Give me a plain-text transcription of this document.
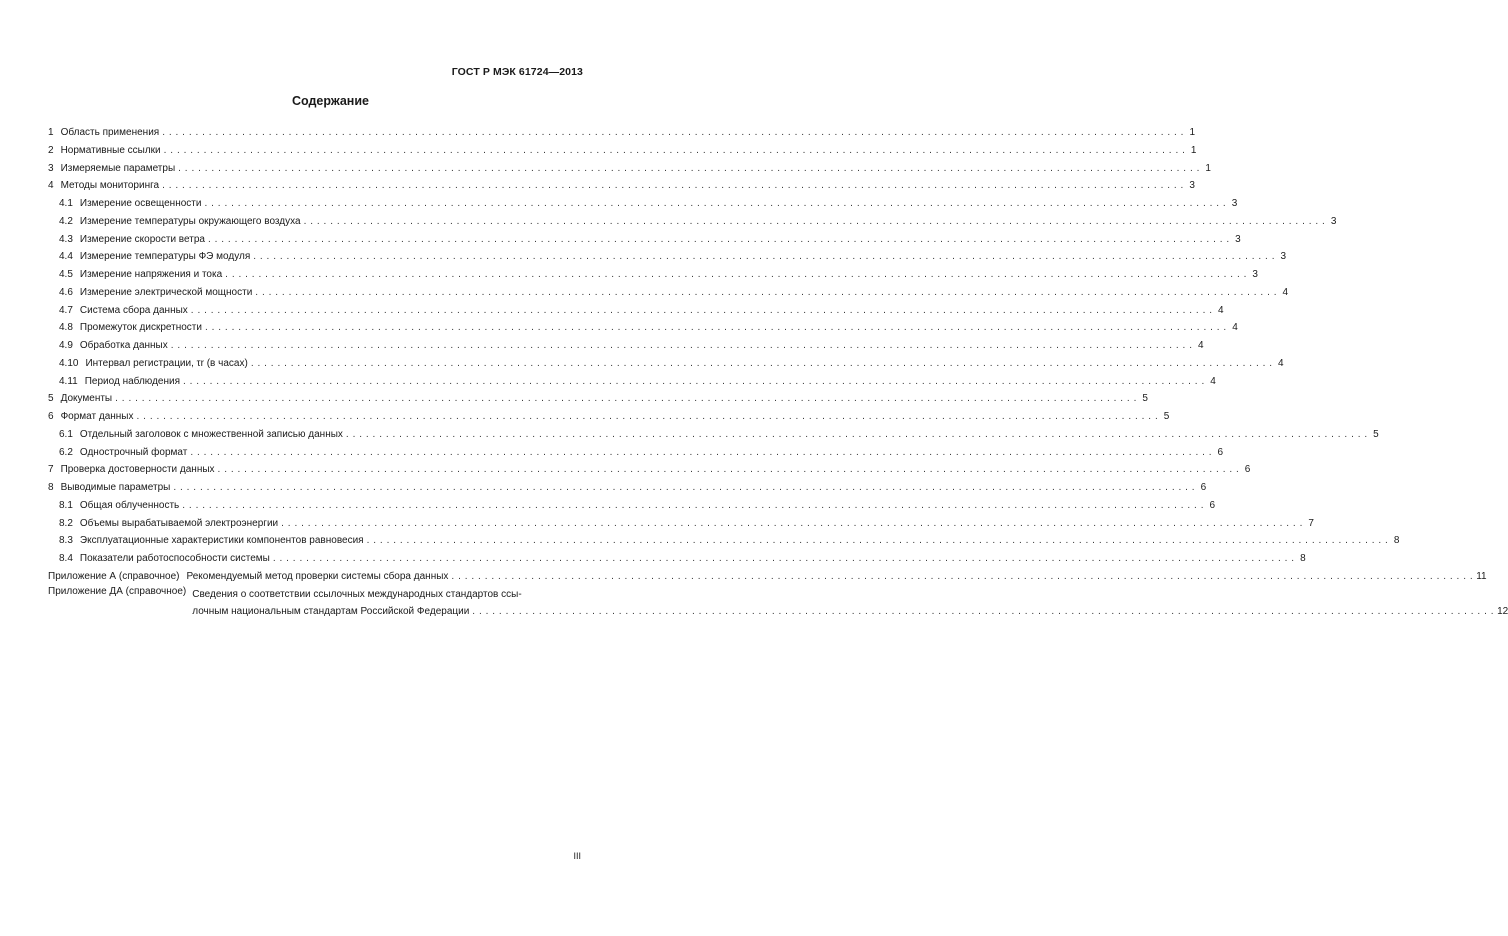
ГОСТ Р МЭК 61724—2013
Содержание
1 Область применения . . .	1
2 Нормативные ссылки . . .	1
3 Измеряемые параметры . . .	1
4 Методы мониторинга . . .	3
4.1 Измерение освещенности . . .	3
4.2 Измерение температуры окружающего воздуха . . .	3
4.3 Измерение скорости ветра . . .	3
4.4 Измерение температуры ФЭ модуля . . .	3
4.5 Измерение напряжения и тока . . .	3
4.6 Измерение электрической мощности . . .	4
4.7 Система сбора данных . . .	4
4.8 Промежуток дискретности . . .	4
4.9 Обработка данных . . .	4
4.10 Интервал регистрации, τr (в часах) . . .	4
4.11 Период наблюдения . . .	4
5 Документы . . .	5
6 Формат данных . . .	5
6.1 Отдельный заголовок с множественной записью данных . . .	5
6.2 Однострочный формат . . .	6
7 Проверка достоверности данных . . .	6
8 Выводимые параметры . . .	6
8.1 Общая облученность . . .	6
8.2 Объемы вырабатываемой электроэнергии . . .	7
8.3 Эксплуатационные характеристики компонентов равновесия . . .	8
8.4 Показатели работоспособности системы . . .	8
Приложение А (справочное) Рекомендуемый метод проверки системы сбора данных . . .	11
Приложение ДА (справочное) Сведения о соответствии ссылочных международных стандартов ссы-
лочным национальным стандартам Российской Федерации . . .	12
III
